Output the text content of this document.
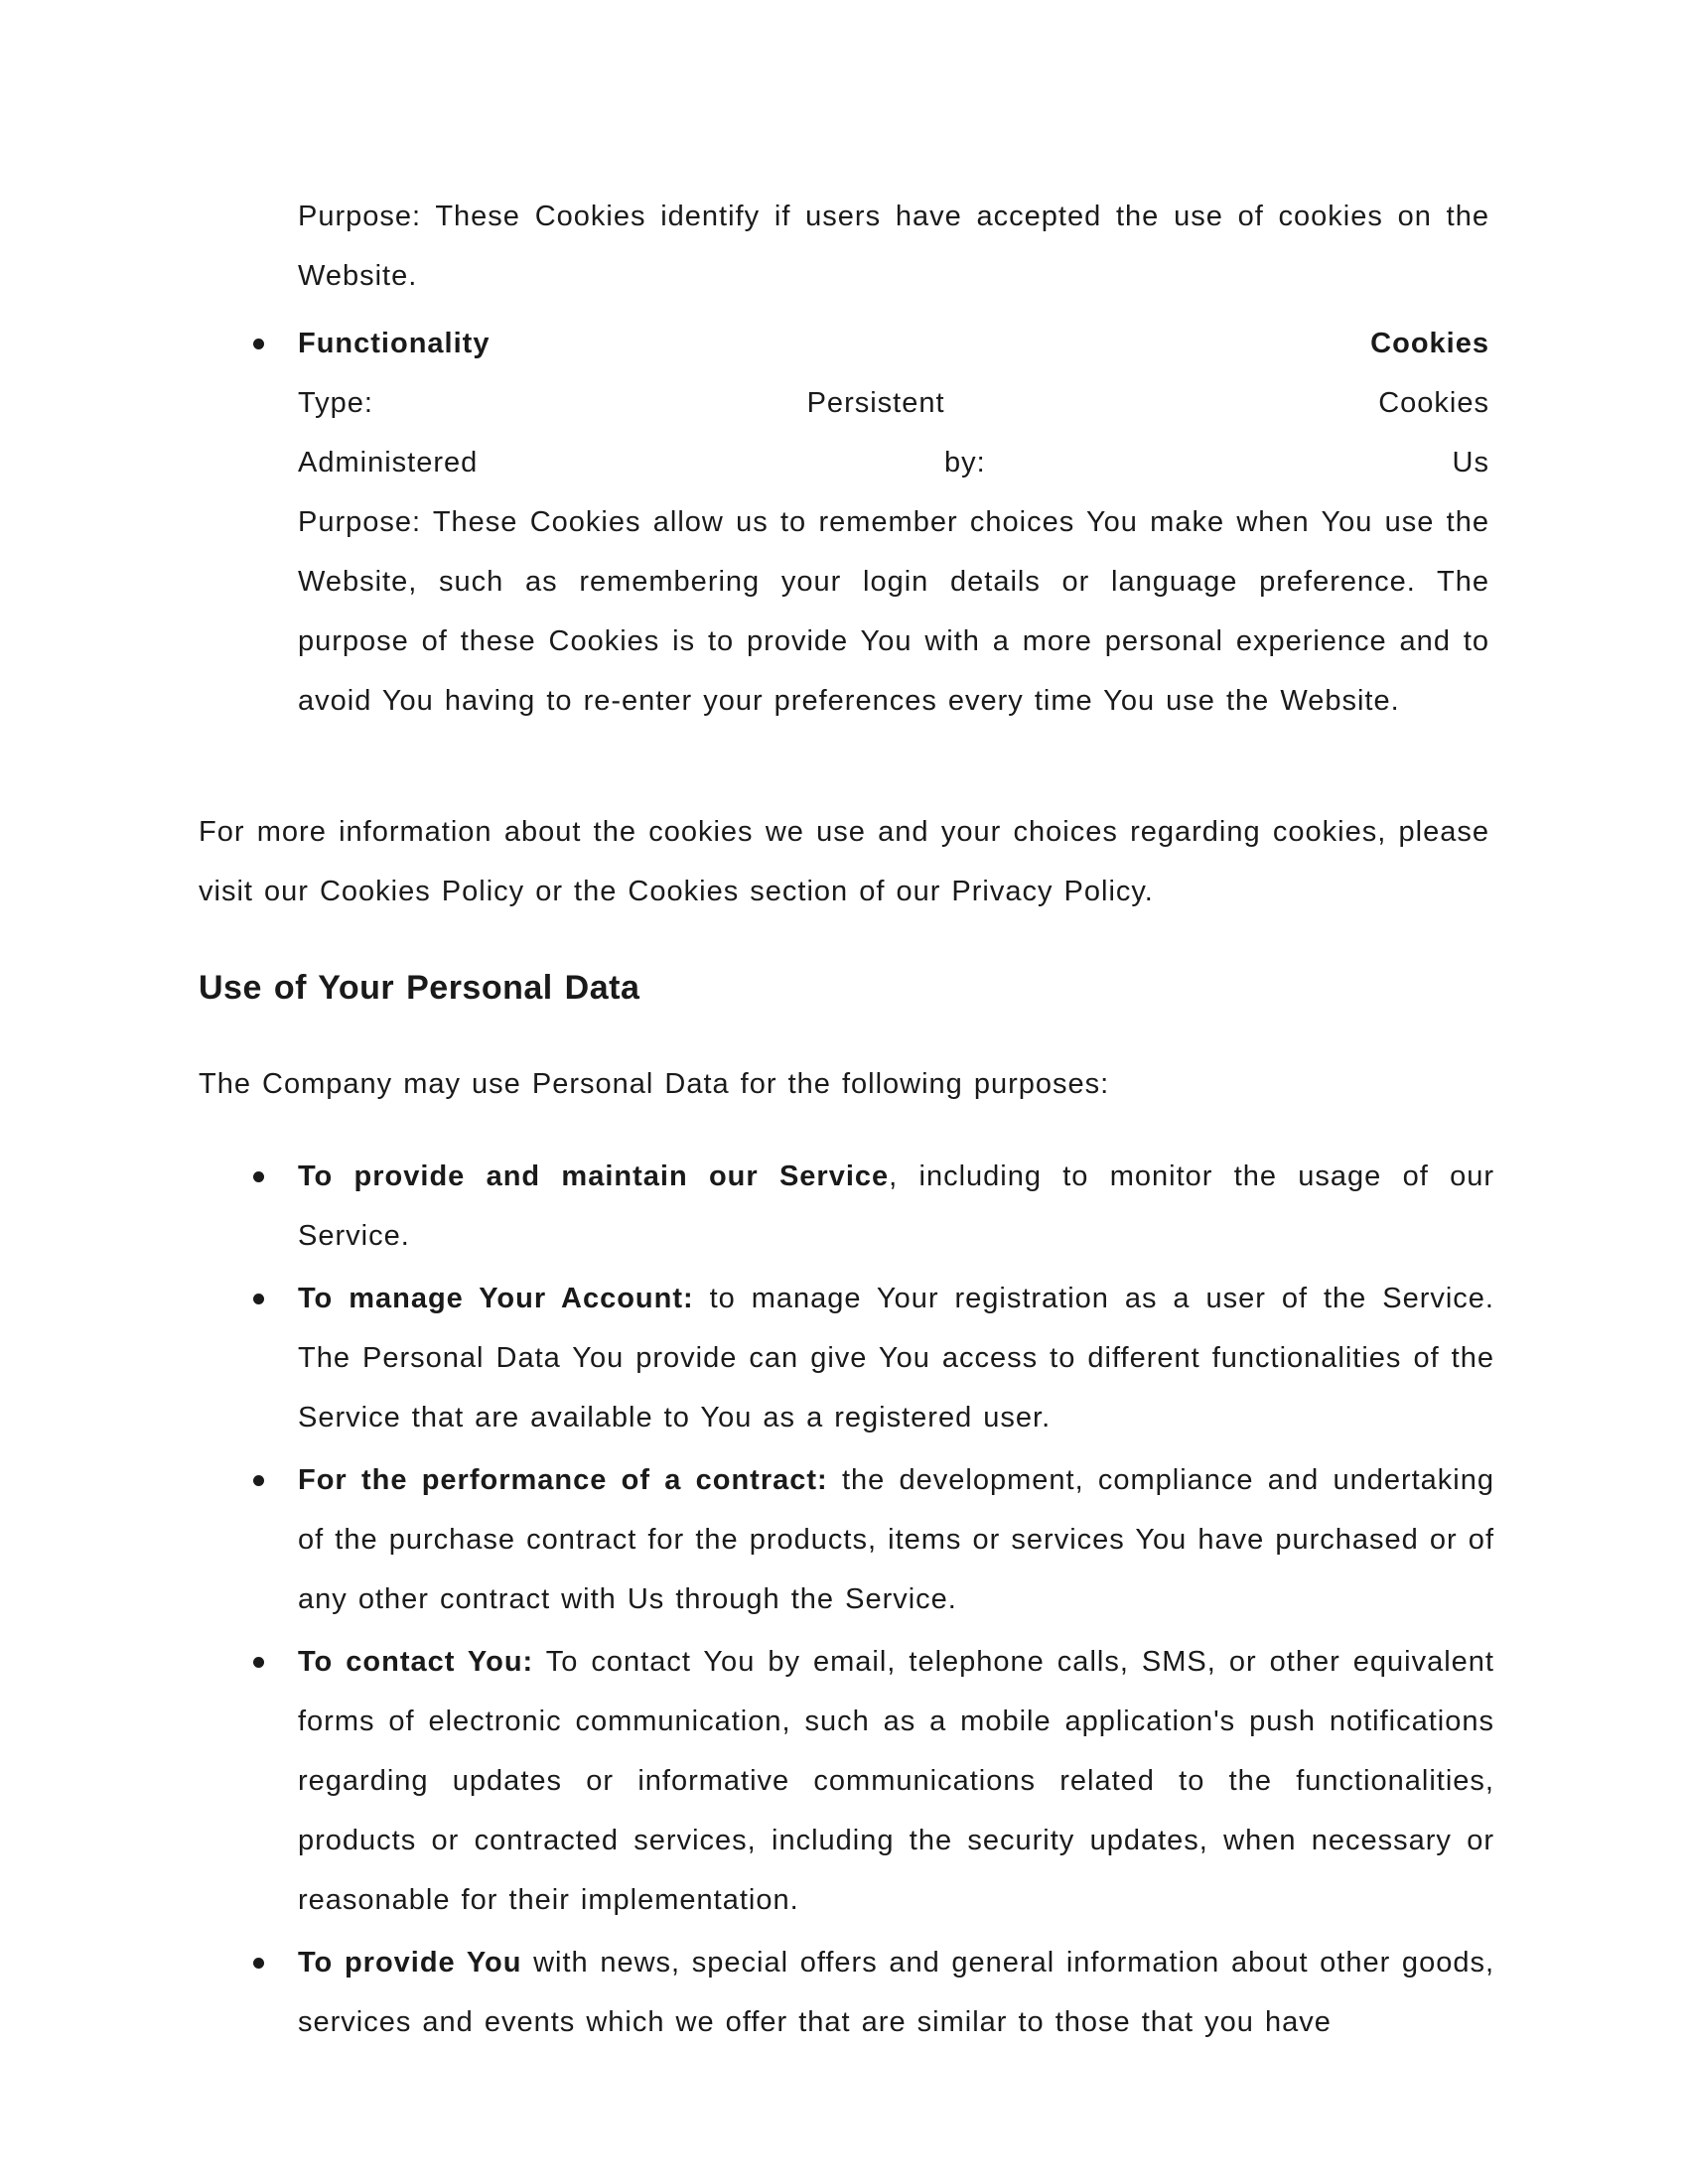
Purpose: These Cookies identify if users have accepted the use of cookies on the Website.
Functionality	Cookies
Type:	Persistent	Cookies
Administered	by:	Us
Purpose: These Cookies allow us to remember choices You make when You use the Website, such as remembering your login details or language preference. The purpose of these Cookies is to provide You with a more personal experience and to avoid You having to re-enter your preferences every time You use the Website.

For more information about the cookies we use and your choices regarding cookies, please visit our Cookies Policy or the Cookies section of our Privacy Policy.

Use of Your Personal Data

The Company may use Personal Data for the following purposes:

To provide and maintain our Service, including to monitor the usage of our Service.
To manage Your Account: to manage Your registration as a user of the Service. The Personal Data You provide can give You access to different functionalities of the Service that are available to You as a registered user.
For the performance of a contract: the development, compliance and undertaking of the purchase contract for the products, items or services You have purchased or of any other contract with Us through the Service.
To contact You: To contact You by email, telephone calls, SMS, or other equivalent forms of electronic communication, such as a mobile application's push notifications regarding updates or informative communications related to the functionalities, products or contracted services, including the security updates, when necessary or reasonable for their implementation.
To provide You with news, special offers and general information about other goods, services and events which we offer that are similar to those that you have
